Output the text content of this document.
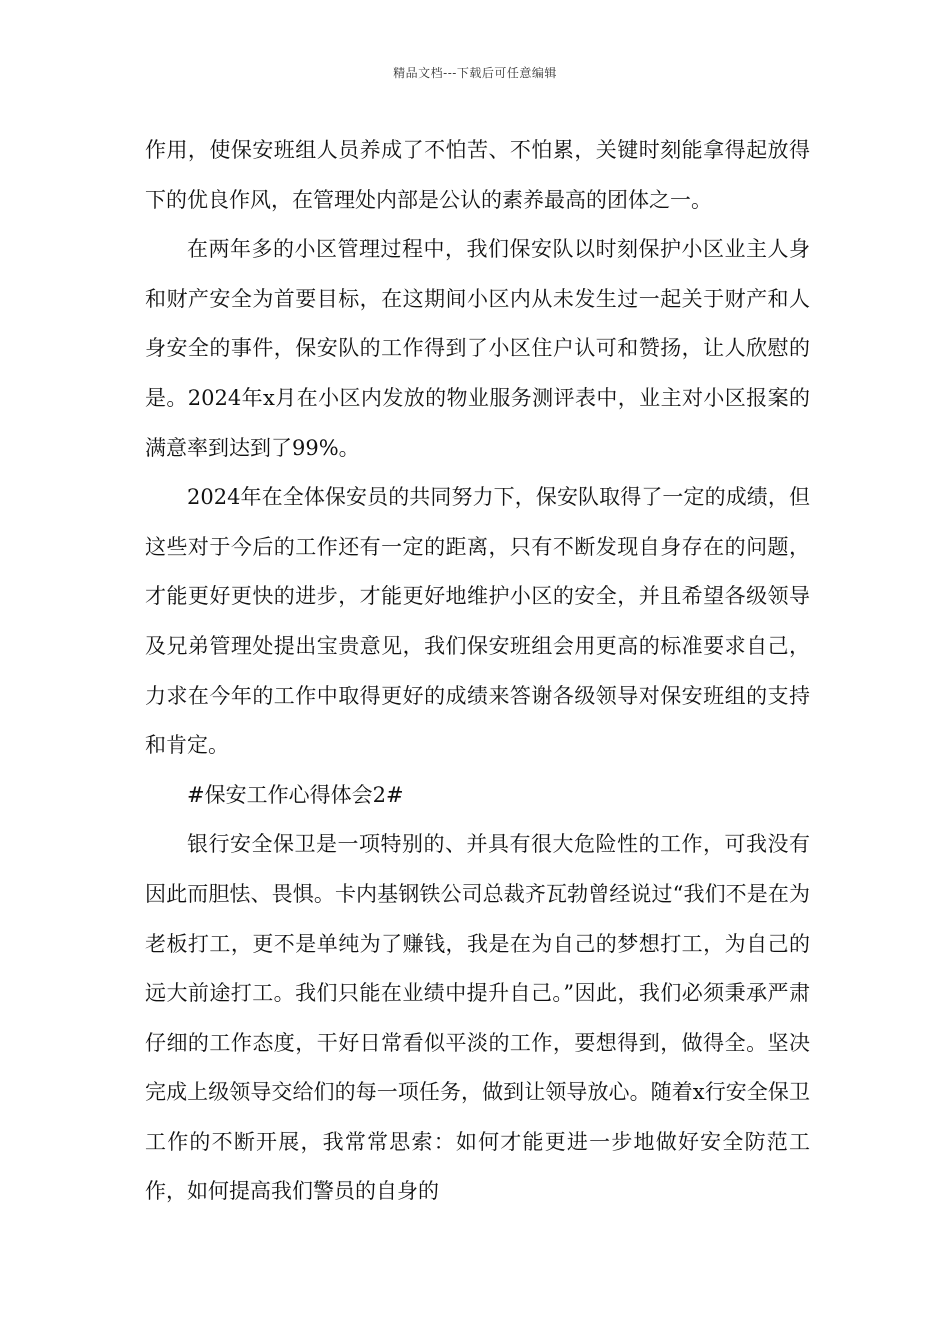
精品文档---下载后可任意编辑

作用，使保安班组人员养成了不怕苦、不怕累，关键时刻能拿得起放得下的优良作风，在管理处内部是公认的素养最高的团体之一。

在两年多的小区管理过程中，我们保安队以时刻保护小区业主人身和财产安全为首要目标，在这期间小区内从未发生过一起关于财产和人身安全的事件，保安队的工作得到了小区住户认可和赞扬，让人欣慰的是。2024年x月在小区内发放的物业服务测评表中，业主对小区报案的满意率到达到了99%。

2024年在全体保安员的共同努力下，保安队取得了一定的成绩，但这些对于今后的工作还有一定的距离，只有不断发现自身存在的问题，才能更好更快的进步，才能更好地维护小区的安全，并且希望各级领导及兄弟管理处提出宝贵意见，我们保安班组会用更高的标准要求自己，力求在今年的工作中取得更好的成绩来答谢各级领导对保安班组的支持和肯定。

#保安工作心得体会2#

银行安全保卫是一项特别的、并具有很大危险性的工作，可我没有因此而胆怯、畏惧。卡内基钢铁公司总裁齐瓦勃曾经说过“我们不是在为老板打工，更不是单纯为了赚钱，我是在为自己的梦想打工，为自己的远大前途打工。我们只能在业绩中提升自己。”因此，我们必须秉承严肃仔细的工作态度，干好日常看似平淡的工作，要想得到，做得全。坚决完成上级领导交给们的每一项任务，做到让领导放心。随着x行安全保卫工作的不断开展，我常常思索：如何才能更进一步地做好安全防范工作，如何提高我们警员的自身的
